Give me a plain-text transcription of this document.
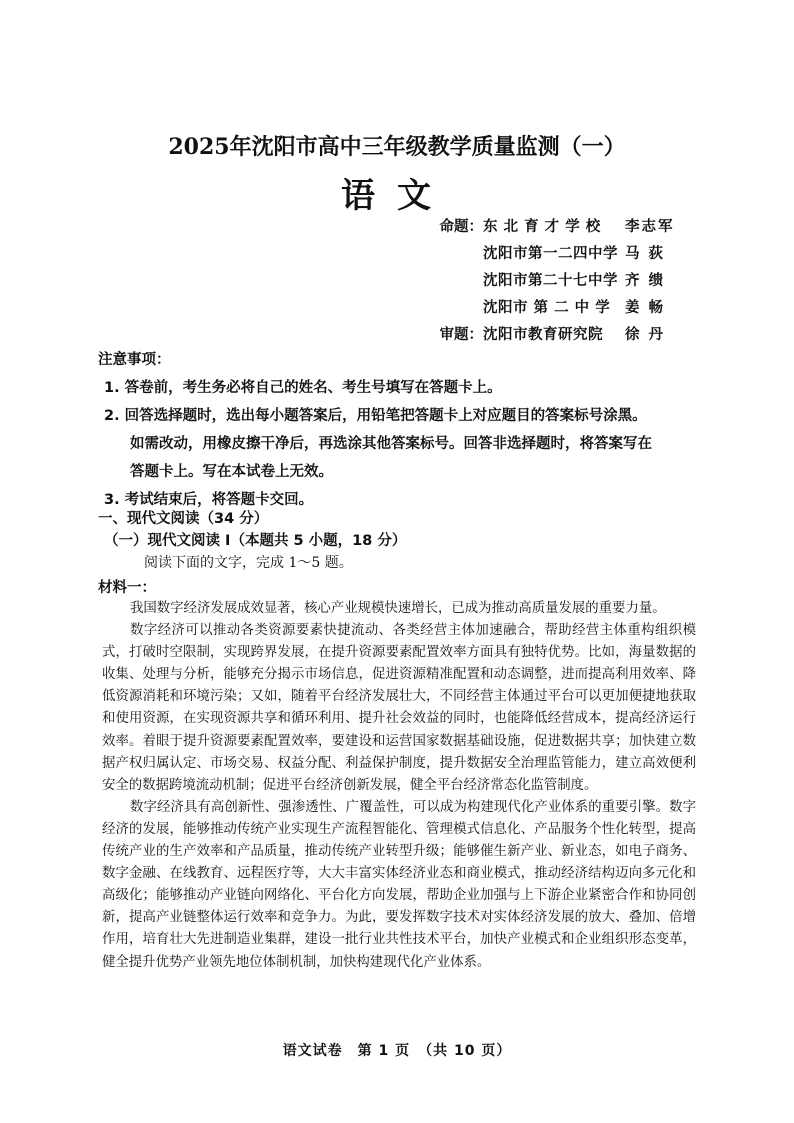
2025年沈阳市高中三年级教学质量监测（一）
语文
命题：东 北 育 才 学 校 李志军
沈阳市第一二四中学 马 荻
沈阳市第二十七中学 齐 缋
沈阳市 第 二 中 学 姜 畅
审题：沈阳市教育研究院 徐 丹
注意事项：
1. 答卷前，考生务必将自己的姓名、考生号填写在答题卡上。
2. 回答选择题时，选出每小题答案后，用铅笔把答题卡上对应题目的答案标号涂黑。
如需改动，用橡皮擦干净后，再选涂其他答案标号。回答非选择题时，将答案写在
答题卡上。写在本试卷上无效。
3. 考试结束后，将答题卡交回。
一、现代文阅读（34 分）
（一）现代文阅读 I（本题共 5 小题，18 分）
阅读下面的文字，完成 1～5 题。
材料一：

我国数字经济发展成效显著，核心产业规模快速增长，已成为推动高质量发展的重要力量。

数字经济可以推动各类资源要素快捷流动、各类经营主体加速融合，帮助经营主体重构组织模式，打破时空限制，实现跨界发展，在提升资源要素配置效率方面具有独特优势。比如，海量数据的收集、处理与分析，能够充分揭示市场信息，促进资源精准配置和动态调整，进而提高利用效率、降低资源消耗和环境污染；又如，随着平台经济发展壮大，不同经营主体通过平台可以更加便捷地获取和使用资源，在实现资源共享和循环利用、提升社会效益的同时，也能降低经营成本，提高经济运行效率。着眼于提升资源要素配置效率，要建设和运营国家数据基础设施，促进数据共享；加快建立数据产权归属认定、市场交易、权益分配、利益保护制度，提升数据安全治理监管能力，建立高效便利安全的数据跨境流动机制；促进平台经济创新发展，健全平台经济常态化监管制度。

数字经济具有高创新性、强渗透性、广覆盖性，可以成为构建现代化产业体系的重要引擎。数字经济的发展，能够推动传统产业实现生产流程智能化、管理模式信息化、产品服务个性化转型，提高传统产业的生产效率和产品质量，推动传统产业转型升级；能够催生新产业、新业态，如电子商务、数字金融、在线教育、远程医疗等，大大丰富实体经济业态和商业模式，推动经济结构迈向多元化和高级化；能够推动产业链向网络化、平台化方向发展，帮助企业加强与上下游企业紧密合作和协同创新，提高产业链整体运行效率和竞争力。为此，要发挥数字技术对实体经济发展的放大、叠加、倍增作用，培育壮大先进制造业集群，建设一批行业共性技术平台，加快产业模式和企业组织形态变革，健全提升优势产业领先地位体制机制，加快构建现代化产业体系。

语文试卷　第 1 页　（共 10 页）
